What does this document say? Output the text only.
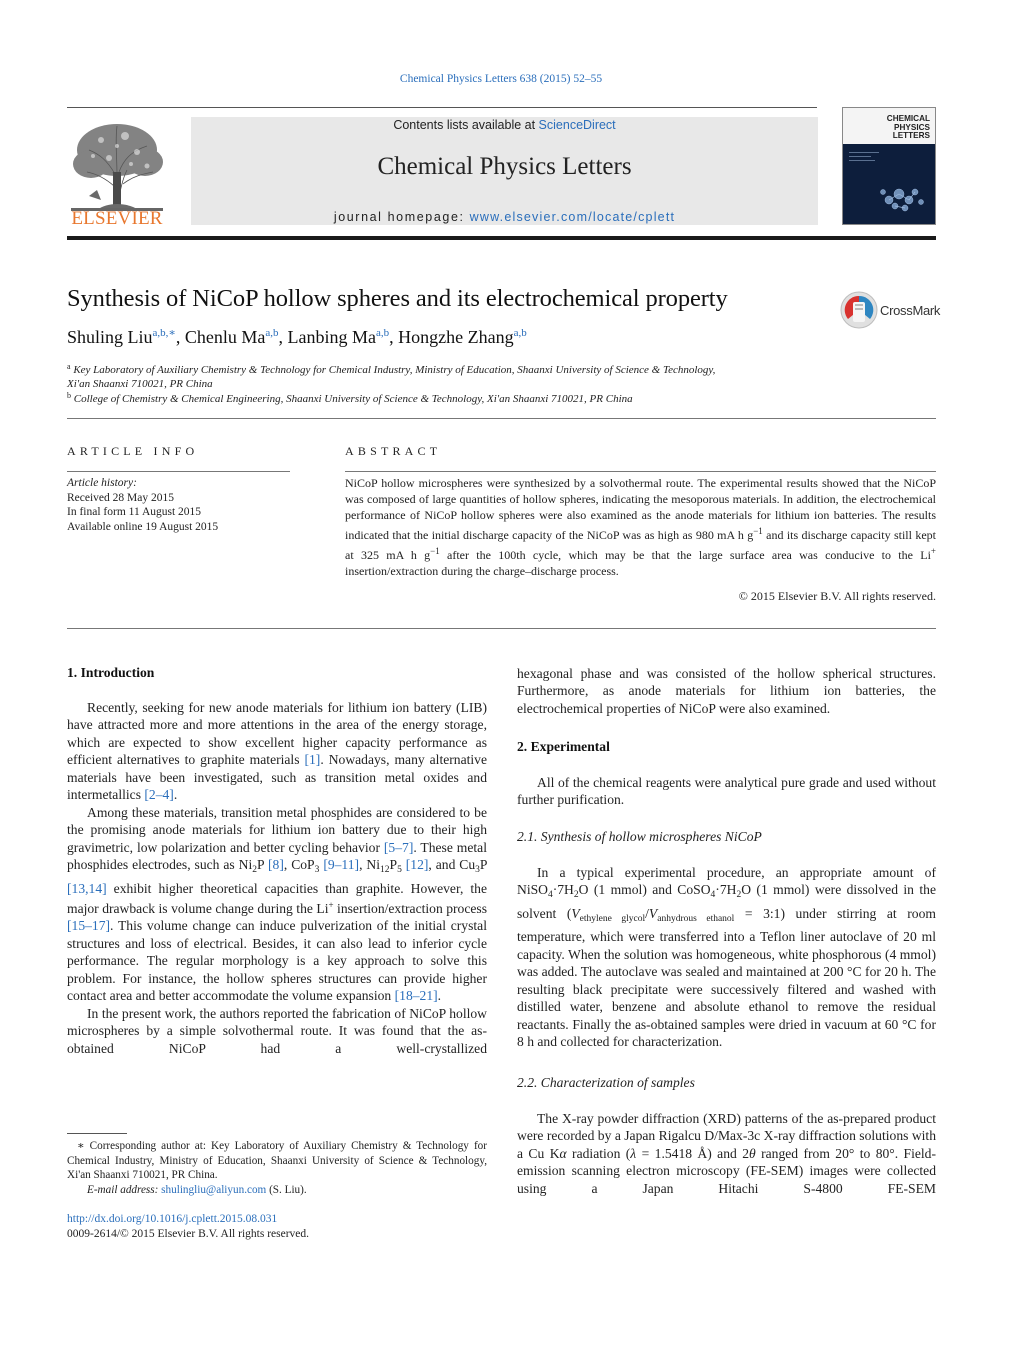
Chemical Physics Letters 638 (2015) 52–55
ELSEVIER
Contents lists available at ScienceDirect
Chemical Physics Letters
journal homepage: www.elsevier.com/locate/cplett
CHEMICAL
PHYSICS
LETTERS
Synthesis of NiCoP hollow spheres and its electrochemical property	CrossMark
Shuling Liu$^{a,b,∗}$, Chenlu Ma$^{a,b}$, Lanbing Ma$^{a,b}$, Hongzhe Zhang$^{a,b}$
$^a$ Key Laboratory of Auxiliary Chemistry & Technology for Chemical Industry, Ministry of Education, Shaanxi University of Science & Technology,
Xi'an Shaanxi 710021, PR China
$^b$ College of Chemistry & Chemical Engineering, Shaanxi University of Science & Technology, Xi'an Shaanxi 710021, PR China
ARTICLE INFO
Article history:
Received 28 May 2015
In final form 11 August 2015
Available online 19 August 2015
ABSTRACT
NiCoP hollow microspheres were synthesized by a solvothermal route. The experimental results showed that the NiCoP was composed of large quantities of hollow spheres, indicating the mesoporous materials. In addition, the electrochemical performance of NiCoP hollow spheres were also examined as the anode materials for lithium ion batteries. The results indicated that the initial discharge capacity of the NiCoP was as high as 980 mA h $g^{-1}$ and its discharge capacity still kept at 325 mA h $g^{-1}$ after the 100th cycle, which may be that the large surface area was conducive to the Li+ insertion/extraction during the charge–discharge process.
© 2015 Elsevier B.V. All rights reserved.
1. Introduction

Recently, seeking for new anode materials for lithium ion battery (LIB) have attracted more and more attentions in the area of the energy storage, which are expected to show excellent higher capacity performance as efficient alternatives to graphite materials [1]. Nowadays, many alternative materials have been investigated, such as transition metal oxides and intermetallics [2–4].

Among these materials, transition metal phosphides are considered to be the promising anode materials for lithium ion battery due to their high gravimetric, low polarization and better cycling behavior [5–7]. These metal phosphides electrodes, such as $Ni_2P$ [8], CoP$_3$ [9–11], $Ni_{12}P_5$ [12], and $Cu_3P$ [13,14] exhibit higher theoretical capacities than graphite. However, the major drawback is volume change during the Li+ insertion/extraction process [15–17]. This volume change can induce pulverization of the initial crystal structures and loss of electrical. Besides, it can also lead to inferior cycle performance. The regular morphology is a key approach to solve this problem. For instance, the hollow spheres structures can provide higher contact area and better accommodate the volume expansion [18–21].

In the present work, the authors reported the fabrication of NiCoP hollow microspheres by a simple solvothermal route. It was found that the as-obtained NiCoP had a well-crystallized

∗ Corresponding author at: Key Laboratory of Auxiliary Chemistry & Technology for Chemical Industry, Ministry of Education, Shaanxi University of Science & Technology, Xi'an Shaanxi 710021, PR China.
E-mail address: shulingliu@aliyun.com (S. Liu).
http://dx.doi.org/10.1016/j.cplett.2015.08.031
0009-2614/© 2015 Elsevier B.V. All rights reserved.

hexagonal phase and was consisted of the hollow spherical structures. Furthermore, as anode materials for lithium ion batteries, the electrochemical properties of NiCoP were also examined.

2. Experimental

All of the chemical reagents were analytical pure grade and used without further purification.

2.1. Synthesis of hollow microspheres NiCoP

In a typical experimental procedure, an appropriate amount of $NiSO_4\cdot 7H_2O$ (1 mmol) and $CoSO_4\cdot 7H_2O$ (1 mmol) were dissolved in the solvent ($V_{ethylene glycol}/V_{anhydrous ethanol}$ = 3:1) under stirring at room temperature, which were transferred into a Teflon liner autoclave of 20 ml capacity. When the solution was homogeneous, white phosphorous (4 mmol) was added. The autoclave was sealed and maintained at 200 °C for 20 h. The resulting black precipitate were successively filtered and washed with distilled water, benzene and absolute ethanol to remove the residual reactants. Finally the as-obtained samples were dried in vacuum at 60 °C for 8 h and collected for characterization.

2.2. Characterization of samples

The X-ray powder diffraction (XRD) patterns of the as-prepared product were recorded by a Japan Rigalcu D/Max-3c X-ray diffraction solutions with a Cu Kα radiation (λ = 1.5418 Å) and 2θ ranged from 20° to 80°. Field-emission scanning electron microscopy (FE-SEM) images were collected using a Japan Hitachi S-4800 FE-SEM
